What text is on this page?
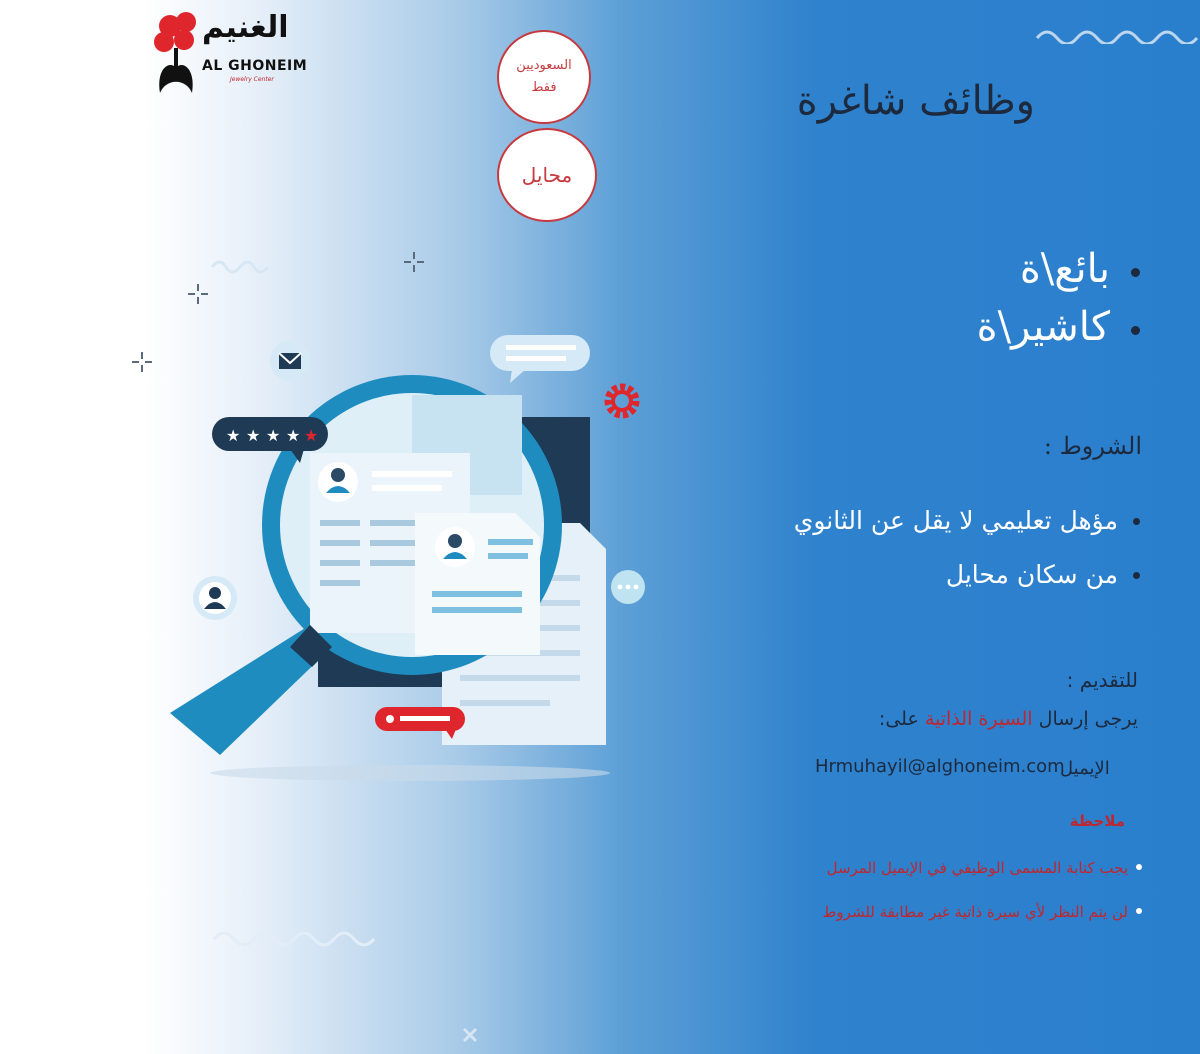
الغنيم
AL GHONEIM
Jewelry Center
السعوديين فقط
محايل
★ ★ ★ ★ ★
وظائف شاغرة
بائع\ة
كاشير\ة
الشروط :
مؤهل تعليمي لا يقل عن الثانوي
من سكان محايل
للتقديم :
يرجى إرسال السيرة الذاتية على:
الإيميل
Hrmuhayil@alghoneim.com
ملاحظة
يجب كتابة المسمى الوظيفي في الإيميل المرسل
لن يتم النظر لأي سيرة ذاتية غير مطابقة للشروط
